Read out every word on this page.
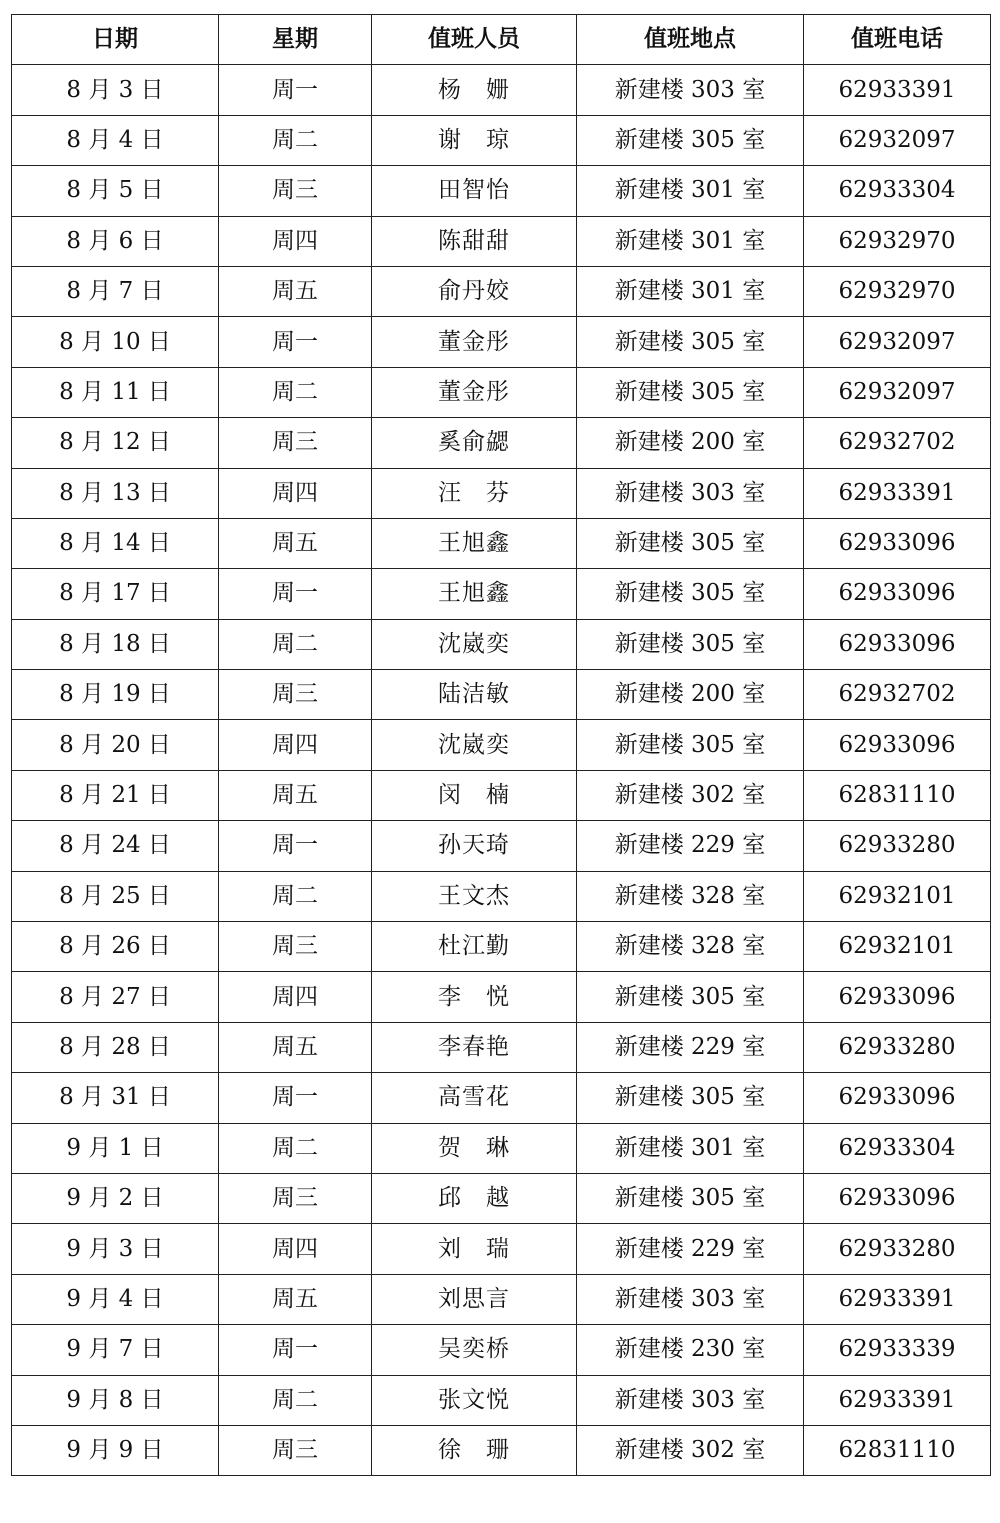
日期	星期	值班人员	值班地点	值班电话
8 月 3 日	周一	杨　姗	新建楼 303 室	62933391
8 月 4 日	周二	谢　琼	新建楼 305 室	62932097
8 月 5 日	周三	田智怡	新建楼 301 室	62933304
8 月 6 日	周四	陈甜甜	新建楼 301 室	62932970
8 月 7 日	周五	俞丹姣	新建楼 301 室	62932970
8 月 10 日	周一	董金彤	新建楼 305 室	62932097
8 月 11 日	周二	董金彤	新建楼 305 室	62932097
8 月 12 日	周三	奚俞勰	新建楼 200 室	62932702
8 月 13 日	周四	汪　芬	新建楼 303 室	62933391
8 月 14 日	周五	王旭鑫	新建楼 305 室	62933096
8 月 17 日	周一	王旭鑫	新建楼 305 室	62933096
8 月 18 日	周二	沈崴奕	新建楼 305 室	62933096
8 月 19 日	周三	陆洁敏	新建楼 200 室	62932702
8 月 20 日	周四	沈崴奕	新建楼 305 室	62933096
8 月 21 日	周五	闵　楠	新建楼 302 室	62831110
8 月 24 日	周一	孙天琦	新建楼 229 室	62933280
8 月 25 日	周二	王文杰	新建楼 328 室	62932101
8 月 26 日	周三	杜江勤	新建楼 328 室	62932101
8 月 27 日	周四	李　悦	新建楼 305 室	62933096
8 月 28 日	周五	李春艳	新建楼 229 室	62933280
8 月 31 日	周一	高雪花	新建楼 305 室	62933096
9 月 1 日	周二	贺　琳	新建楼 301 室	62933304
9 月 2 日	周三	邱　越	新建楼 305 室	62933096
9 月 3 日	周四	刘　瑞	新建楼 229 室	62933280
9 月 4 日	周五	刘思言	新建楼 303 室	62933391
9 月 7 日	周一	吴奕桥	新建楼 230 室	62933339
9 月 8 日	周二	张文悦	新建楼 303 室	62933391
9 月 9 日	周三	徐　珊	新建楼 302 室	62831110
